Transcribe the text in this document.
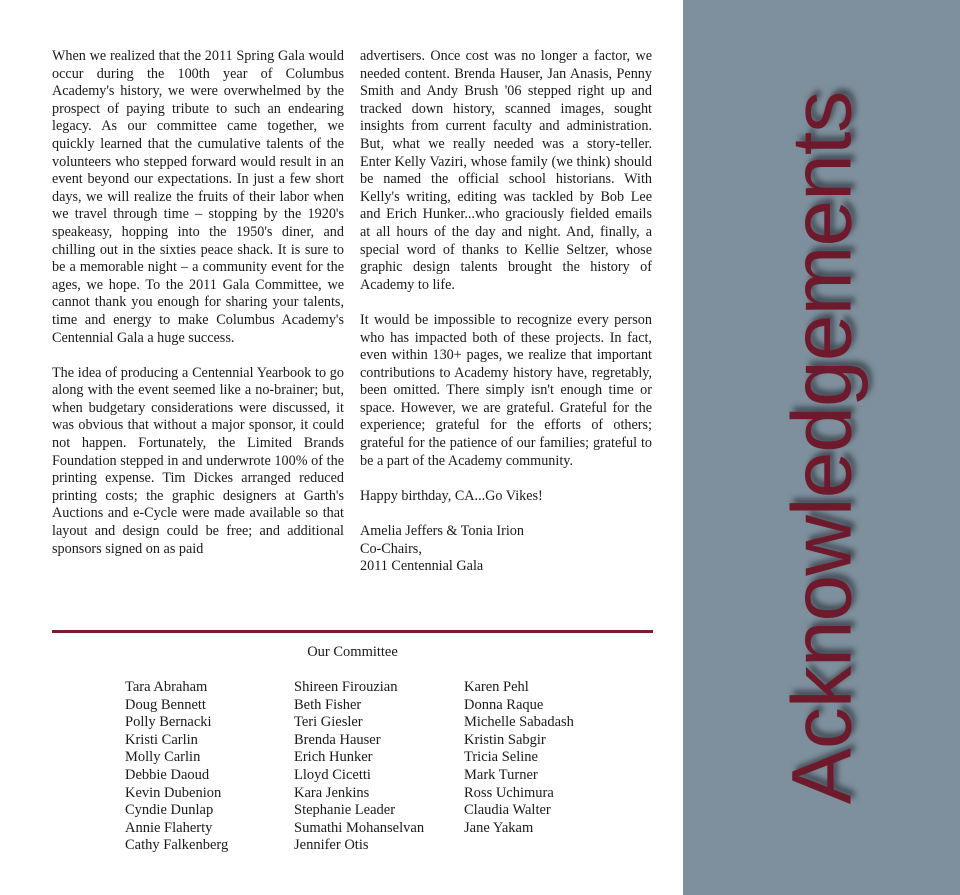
When we realized that the 2011 Spring Gala would occur during the 100th year of Columbus Academy's history, we were overwhelmed by the prospect of paying tribute to such an endearing legacy. As our committee came together, we quickly learned that the cumulative talents of the volunteers who stepped forward would result in an event beyond our expectations. In just a few short days, we will realize the fruits of their labor when we travel through time – stopping by the 1920's speakeasy, hopping into the 1950's diner, and chilling out in the sixties peace shack. It is sure to be a memorable night – a community event for the ages, we hope. To the 2011 Gala Committee, we cannot thank you enough for sharing your talents, time and energy to make Columbus Academy's Centennial Gala a huge success.

The idea of producing a Centennial Yearbook to go along with the event seemed like a no-brainer; but, when budgetary considerations were discussed, it was obvious that without a major sponsor, it could not happen. Fortunately, the Limited Brands Foundation stepped in and underwrote 100% of the printing expense. Tim Dickes arranged reduced printing costs; the graphic designers at Garth's Auctions and e-Cycle were made available so that layout and design could be free; and additional sponsors signed on as paid

advertisers. Once cost was no longer a factor, we needed content. Brenda Hauser, Jan Anasis, Penny Smith and Andy Brush '06 stepped right up and tracked down history, scanned images, sought insights from current faculty and administration. But, what we really needed was a story-teller. Enter Kelly Vaziri, whose family (we think) should be named the official school historians. With Kelly's writing, editing was tackled by Bob Lee and Erich Hunker...who graciously fielded emails at all hours of the day and night. And, finally, a special word of thanks to Kellie Seltzer, whose graphic design talents brought the history of Academy to life.

It would be impossible to recognize every person who has impacted both of these projects. In fact, even within 130+ pages, we realize that important contributions to Academy history have, regretably, been omitted. There simply isn't enough time or space. However, we are grateful. Grateful for the experience; grateful for the efforts of others; grateful for the patience of our families; grateful to be a part of the Academy community.

Happy birthday, CA...Go Vikes!

Amelia Jeffers & Tonia Irion

Co-Chairs,

2011 Centennial Gala

Our Committee
Tara Abraham
Doug Bennett
Polly Bernacki
Kristi Carlin
Molly Carlin
Debbie Daoud
Kevin Dubenion
Cyndie Dunlap
Annie Flaherty
Cathy Falkenberg
Shireen Firouzian
Beth Fisher
Teri Giesler
Brenda Hauser
Erich Hunker
Lloyd Cicetti
Kara Jenkins
Stephanie Leader
Sumathi Mohanselvan
Jennifer Otis
Karen Pehl
Donna Raque
Michelle Sabadash
Kristin Sabgir
Tricia Seline
Mark Turner
Ross Uchimura
Claudia Walter
Jane Yakam
Acknowledgements
